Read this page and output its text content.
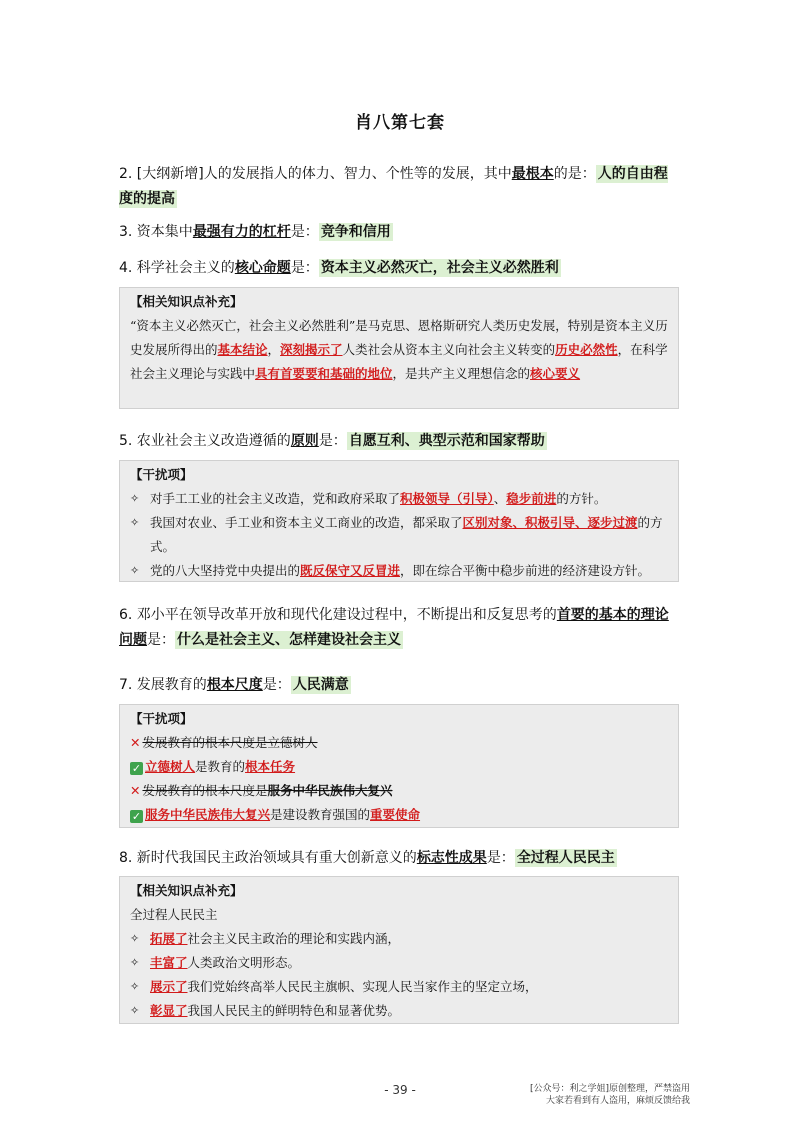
肖八第七套
2. [大纲新增]人的发展指人的体力、智力、个性等的发展，其中最根本的是： 人的自由程度的提高
3. 资本集中最强有力的杠杆是： 竞争和信用
4. 科学社会主义的核心命题是： 资本主义必然灭亡，社会主义必然胜利
【相关知识点补充】
“资本主义必然灭亡，社会主义必然胜利”是马克思、恩格斯研究人类历史发展，特别是资本主义历史发展所得出的基本结论，深刻揭示了人类社会从资本主义向社会主义转变的历史必然性，在科学社会主义理论与实践中具有首要要和基础的地位，是共产主义理想信念的核心要义
5. 农业社会主义改造遵循的原则是： 自愿互利、典型示范和国家帮助
【干扰项】
✧ 对手工工业的社会主义改造，党和政府采取了积极领导（引导）、稳步前进的方针。
✧ 我国对农业、手工业和资本主义工商业的改造，都采取了区别对象、积极引导、逐步过渡的方式。
✧ 党的八大坚持党中央提出的既反保守又反冒进，即在综合平衡中稳步前进的经济建设方针。
6. 邓小平在领导改革开放和现代化建设过程中，不断提出和反复思考的首要的基本的理论问题是： 什么是社会主义、怎样建设社会主义
7. 发展教育的根本尺度是： 人民满意
【干扰项】
✕ 发展教育的根本尺度是立德树人
✓ 立德树人是教育的根本任务
✕ 发展教育的根本尺度是服务中华民族伟大复兴
✓ 服务中华民族伟大复兴是建设教育强国的重要使命
8. 新时代我国民主政治领域具有重大创新意义的标志性成果是： 全过程人民民主
【相关知识点补充】
全过程人民民主
✧ 拓展了社会主义民主政治的理论和实践内涵，
✧ 丰富了人类政治文明形态。
✧ 展示了我们党始终高举人民民主旗帜、实现人民当家作主的坚定立场，
✧ 彰显了我国人民民主的鲜明特色和显著优势。
- 39 -	[公众号：利之学姐]原创整理，严禁盗用
大家若看到有人盗用，麻烦反馈给我
